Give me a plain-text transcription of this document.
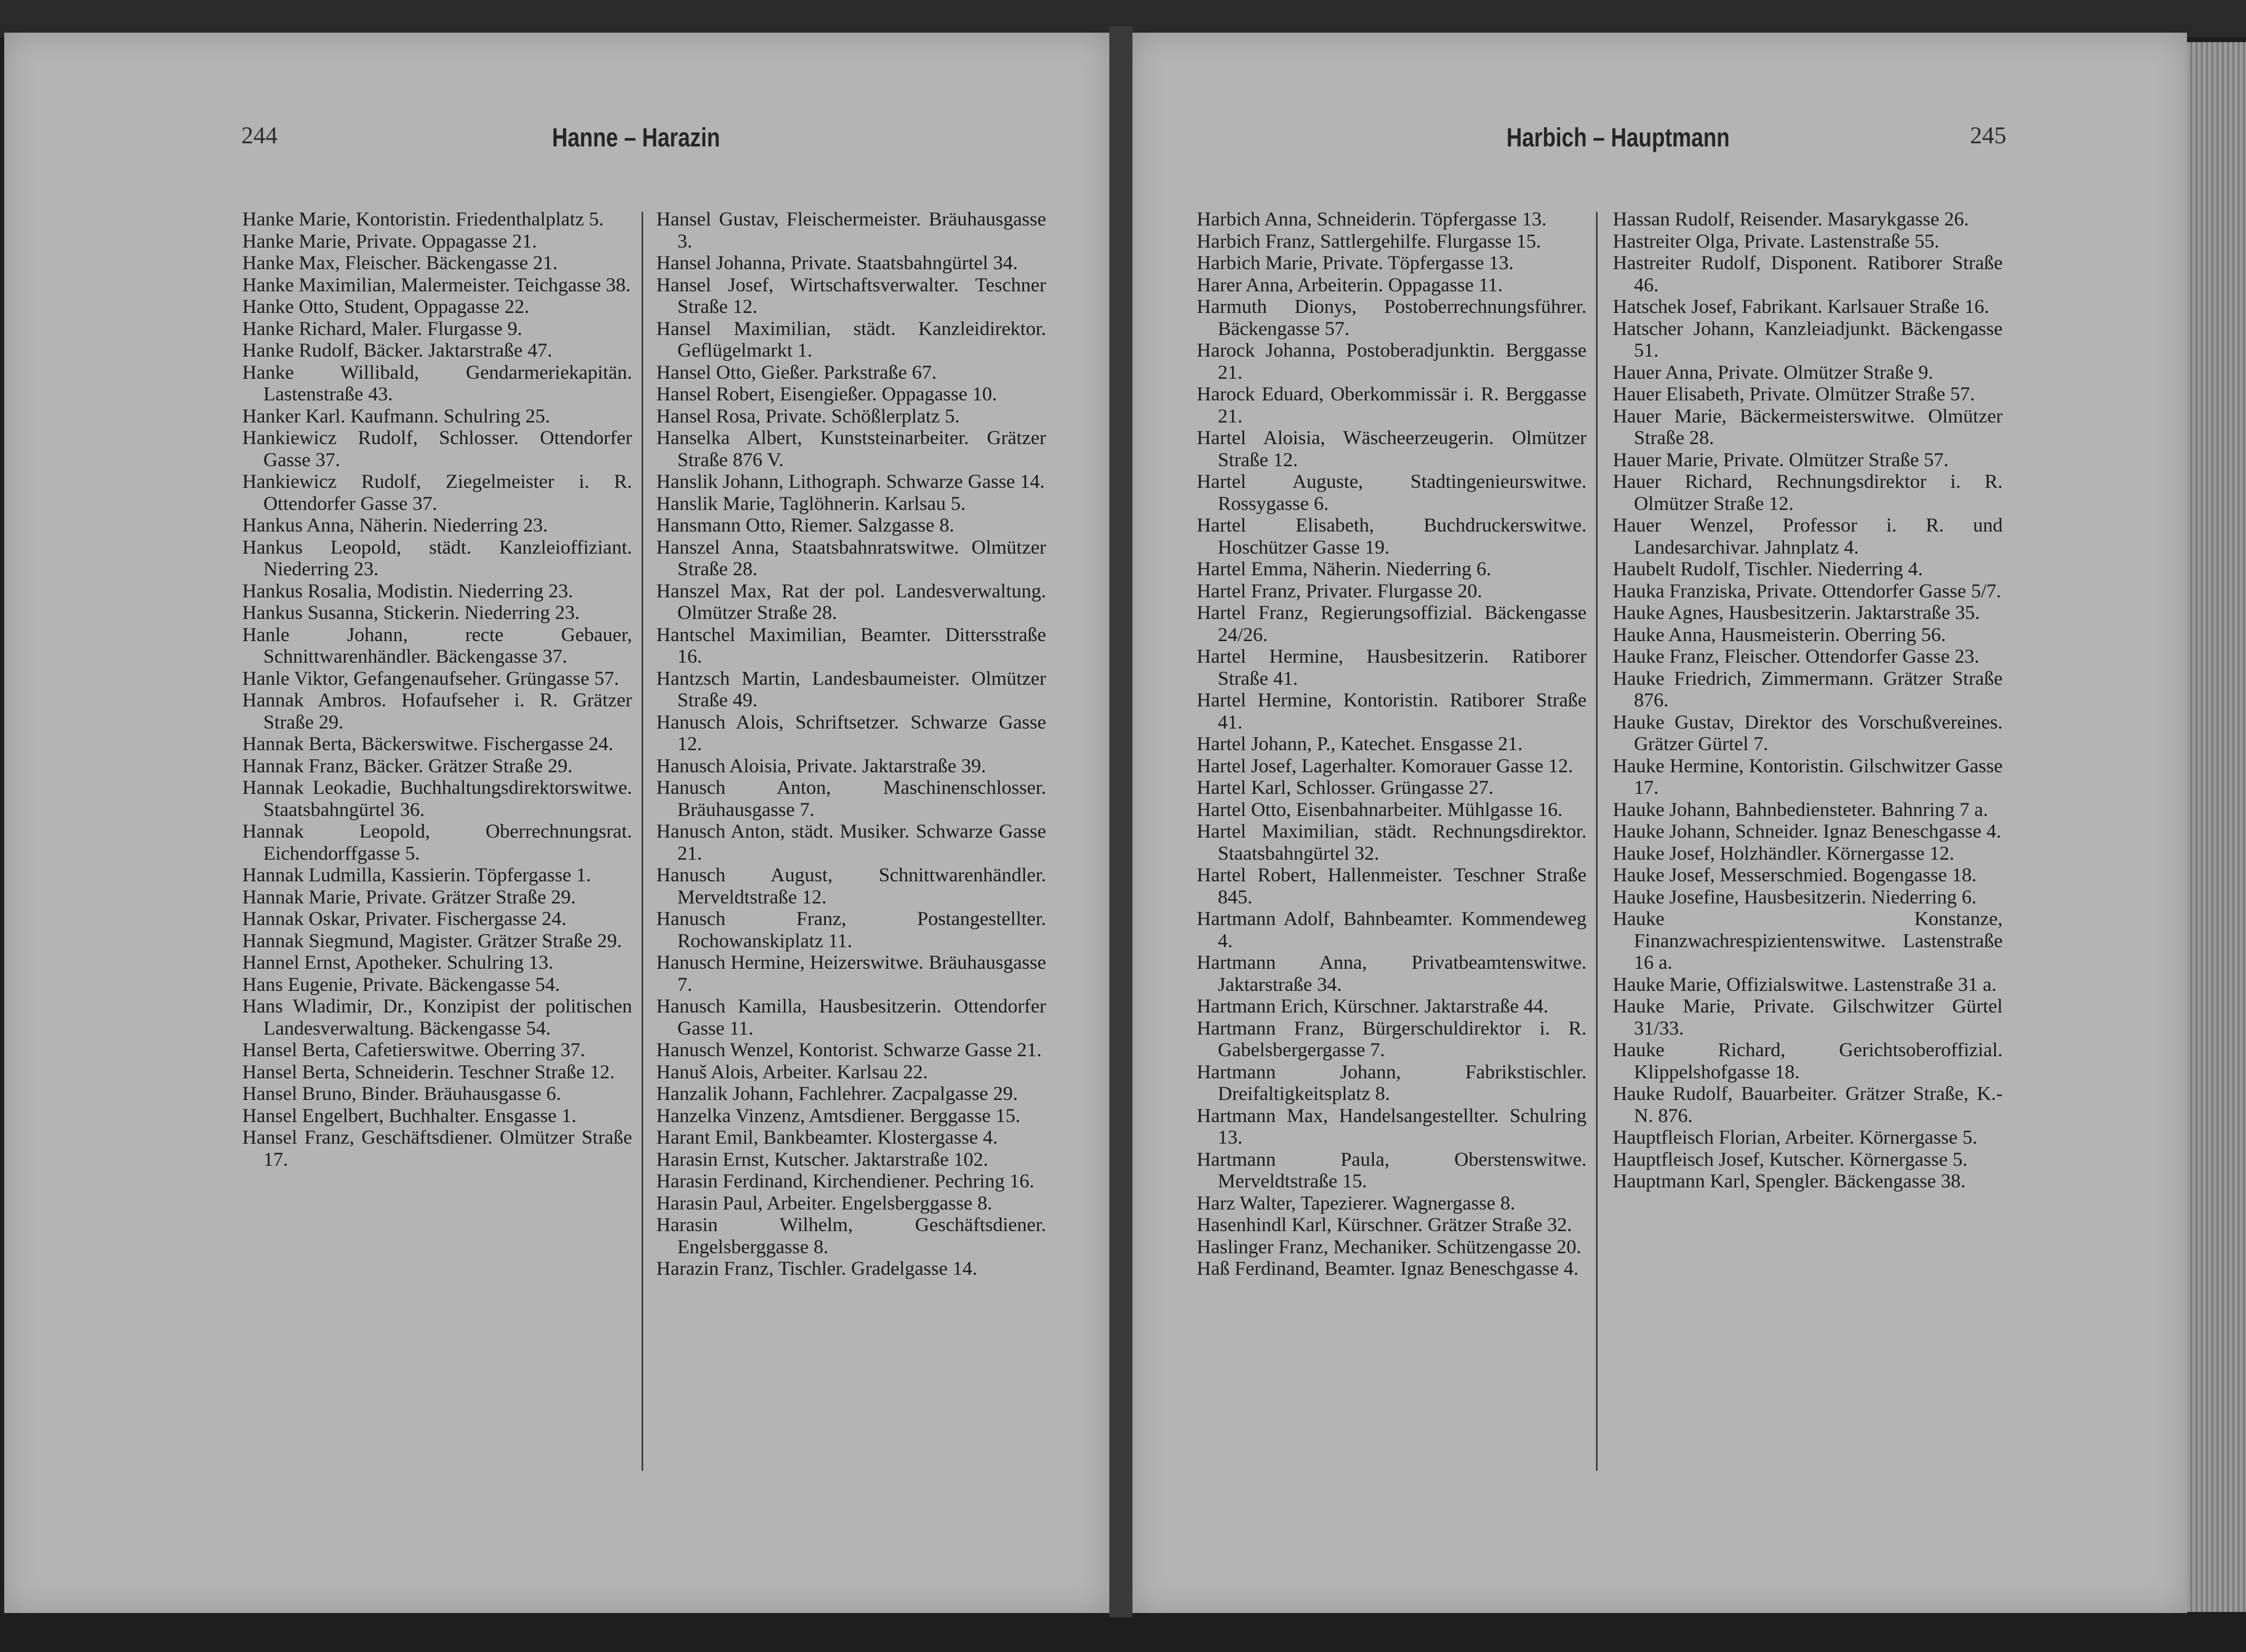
244	Hanne – Harazin
Hanke Marie, Kontoristin. Friedenthalplatz 5.
Hanke Marie, Private. Oppagasse 21.
Hanke Max, Fleischer. Bäckengasse 21.
Hanke Maximilian, Malermeister. Teichgasse 38.
Hanke Otto, Student, Oppagasse 22.
Hanke Richard, Maler. Flurgasse 9.
Hanke Rudolf, Bäcker. Jaktarstraße 47.
Hanke Willibald, Gendarmeriekapitän. Lastenstraße 43.
Hanker Karl. Kaufmann. Schulring 25.
Hankiewicz Rudolf, Schlosser. Ottendorfer Gasse 37.
Hankiewicz Rudolf, Ziegelmeister i. R. Ottendorfer Gasse 37.
Hankus Anna, Näherin. Niederring 23.
Hankus Leopold, städt. Kanzleioffiziant. Niederring 23.
Hankus Rosalia, Modistin. Niederring 23.
Hankus Susanna, Stickerin. Niederring 23.
Hanle Johann, recte Gebauer, Schnittwarenhändler. Bäckengasse 37.
Hanle Viktor, Gefangenaufseher. Grüngasse 57.
Hannak Ambros. Hofaufseher i. R. Grätzer Straße 29.
Hannak Berta, Bäckerswitwe. Fischergasse 24.
Hannak Franz, Bäcker. Grätzer Straße 29.
Hannak Leokadie, Buchhaltungsdirektorswitwe. Staatsbahngürtel 36.
Hannak Leopold, Oberrechnungsrat. Eichendorffgasse 5.
Hannak Ludmilla, Kassierin. Töpfergasse 1.
Hannak Marie, Private. Grätzer Straße 29.
Hannak Oskar, Privater. Fischergasse 24.
Hannak Siegmund, Magister. Grätzer Straße 29.
Hannel Ernst, Apotheker. Schulring 13.
Hans Eugenie, Private. Bäckengasse 54.
Hans Wladimir, Dr., Konzipist der politischen Landesverwaltung. Bäckengasse 54.
Hansel Berta, Cafetierswitwe. Oberring 37.
Hansel Berta, Schneiderin. Teschner Straße 12.
Hansel Bruno, Binder. Bräuhausgasse 6.
Hansel Engelbert, Buchhalter. Ensgasse 1.
Hansel Franz, Geschäftsdiener. Olmützer Straße 17.
Hansel Gustav, Fleischermeister. Bräuhausgasse 3.
Hansel Johanna, Private. Staatsbahngürtel 34.
Hansel Josef, Wirtschaftsverwalter. Teschner Straße 12.
Hansel Maximilian, städt. Kanzleidirektor. Geflügelmarkt 1.
Hansel Otto, Gießer. Parkstraße 67.
Hansel Robert, Eisengießer. Oppagasse 10.
Hansel Rosa, Private. Schößlerplatz 5.
Hanselka Albert, Kunststeinarbeiter. Grätzer Straße 876 V.
Hanslik Johann, Lithograph. Schwarze Gasse 14.
Hanslik Marie, Taglöhnerin. Karlsau 5.
Hansmann Otto, Riemer. Salzgasse 8.
Hanszel Anna, Staatsbahnratswitwe. Olmützer Straße 28.
Hanszel Max, Rat der pol. Landesverwaltung. Olmützer Straße 28.
Hantschel Maximilian, Beamter. Dittersstraße 16.
Hantzsch Martin, Landesbaumeister. Olmützer Straße 49.
Hanusch Alois, Schriftsetzer. Schwarze Gasse 12.
Hanusch Aloisia, Private. Jaktarstraße 39.
Hanusch Anton, Maschinenschlosser. Bräuhausgasse 7.
Hanusch Anton, städt. Musiker. Schwarze Gasse 21.
Hanusch August, Schnittwarenhändler. Merveldtstraße 12.
Hanusch Franz, Postangestellter. Rochowanskiplatz 11.
Hanusch Hermine, Heizerswitwe. Bräuhausgasse 7.
Hanusch Kamilla, Hausbesitzerin. Ottendorfer Gasse 11.
Hanusch Wenzel, Kontorist. Schwarze Gasse 21.
Hanuš Alois, Arbeiter. Karlsau 22.
Hanzalik Johann, Fachlehrer. Zacpalgasse 29.
Hanzelka Vinzenz, Amtsdiener. Berggasse 15.
Harant Emil, Bankbeamter. Klostergasse 4.
Harasin Ernst, Kutscher. Jaktarstraße 102.
Harasin Ferdinand, Kirchendiener. Pechring 16.
Harasin Paul, Arbeiter. Engelsberggasse 8.
Harasin Wilhelm, Geschäftsdiener. Engelsberggasse 8.
Harazin Franz, Tischler. Gradelgasse 14.
Harbich – Hauptmann	245
Harbich Anna, Schneiderin. Töpfergasse 13.
Harbich Franz, Sattlergehilfe. Flurgasse 15.
Harbich Marie, Private. Töpfergasse 13.
Harer Anna, Arbeiterin. Oppagasse 11.
Harmuth Dionys, Postoberrechnungsführer. Bäckengasse 57.
Harock Johanna, Postoberadjunktin. Berggasse 21.
Harock Eduard, Oberkommissär i. R. Berggasse 21.
Hartel Aloisia, Wäscheerzeugerin. Olmützer Straße 12.
Hartel Auguste, Stadtingenieurswitwe. Rossygasse 6.
Hartel Elisabeth, Buchdruckerswitwe. Hoschützer Gasse 19.
Hartel Emma, Näherin. Niederring 6.
Hartel Franz, Privater. Flurgasse 20.
Hartel Franz, Regierungsoffizial. Bäckengasse 24/26.
Hartel Hermine, Hausbesitzerin. Ratiborer Straße 41.
Hartel Hermine, Kontoristin. Ratiborer Straße 41.
Hartel Johann, P., Katechet. Ensgasse 21.
Hartel Josef, Lagerhalter. Komorauer Gasse 12.
Hartel Karl, Schlosser. Grüngasse 27.
Hartel Otto, Eisenbahnarbeiter. Mühlgasse 16.
Hartel Maximilian, städt. Rechnungsdirektor. Staatsbahngürtel 32.
Hartel Robert, Hallenmeister. Teschner Straße 845.
Hartmann Adolf, Bahnbeamter. Kommendeweg 4.
Hartmann Anna, Privatbeamtenswitwe. Jaktarstraße 34.
Hartmann Erich, Kürschner. Jaktarstraße 44.
Hartmann Franz, Bürgerschuldirektor i. R. Gabelsbergergasse 7.
Hartmann Johann, Fabrikstischler. Dreifaltigkeitsplatz 8.
Hartmann Max, Handelsangestellter. Schulring 13.
Hartmann Paula, Oberstenswitwe. Merveldtstraße 15.
Harz Walter, Tapezierer. Wagnergasse 8.
Hasenhindl Karl, Kürschner. Grätzer Straße 32.
Haslinger Franz, Mechaniker. Schützengasse 20.
Haß Ferdinand, Beamter. Ignaz Beneschgasse 4.
Hassan Rudolf, Reisender. Masarykgasse 26.
Hastreiter Olga, Private. Lastenstraße 55.
Hastreiter Rudolf, Disponent. Ratiborer Straße 46.
Hatschek Josef, Fabrikant. Karlsauer Straße 16.
Hatscher Johann, Kanzleiadjunkt. Bäckengasse 51.
Hauer Anna, Private. Olmützer Straße 9.
Hauer Elisabeth, Private. Olmützer Straße 57.
Hauer Marie, Bäckermeisterswitwe. Olmützer Straße 28.
Hauer Marie, Private. Olmützer Straße 57.
Hauer Richard, Rechnungsdirektor i. R. Olmützer Straße 12.
Hauer Wenzel, Professor i. R. und Landesarchivar. Jahnplatz 4.
Haubelt Rudolf, Tischler. Niederring 4.
Hauka Franziska, Private. Ottendorfer Gasse 5/7.
Hauke Agnes, Hausbesitzerin. Jaktarstraße 35.
Hauke Anna, Hausmeisterin. Oberring 56.
Hauke Franz, Fleischer. Ottendorfer Gasse 23.
Hauke Friedrich, Zimmermann. Grätzer Straße 876.
Hauke Gustav, Direktor des Vorschußvereines. Grätzer Gürtel 7.
Hauke Hermine, Kontoristin. Gilschwitzer Gasse 17.
Hauke Johann, Bahnbediensteter. Bahnring 7 a.
Hauke Johann, Schneider. Ignaz Beneschgasse 4.
Hauke Josef, Holzhändler. Körnergasse 12.
Hauke Josef, Messerschmied. Bogengasse 18.
Hauke Josefine, Hausbesitzerin. Niederring 6.
Hauke Konstanze, Finanzwachrespizientenswitwe. Lastenstraße 16 a.
Hauke Marie, Offizialswitwe. Lastenstraße 31 a.
Hauke Marie, Private. Gilschwitzer Gürtel 31/33.
Hauke Richard, Gerichtsoberoffizial. Klippelshofgasse 18.
Hauke Rudolf, Bauarbeiter. Grätzer Straße, K.-N. 876.
Hauptfleisch Florian, Arbeiter. Körnergasse 5.
Hauptfleisch Josef, Kutscher. Körnergasse 5.
Hauptmann Karl, Spengler. Bäckengasse 38.
